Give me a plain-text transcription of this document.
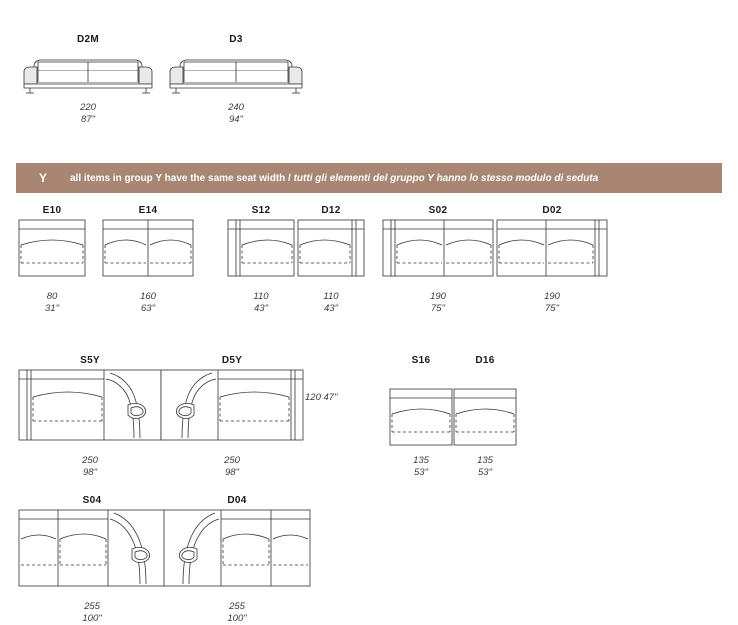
D2M
220
87"
D3
240
94"
Y	all items in group Y have the same seat width / tutti gli elementi del gruppo Y hanno lo stesso modulo di seduta
E10
80
31"
E14
160
63"
S12
110
43"
D12
110
43"
S02
190
75"
D02
190
75"
S5Y
250
98"
D5Y
250
98"
120 47"
S16
135
53"
D16
135
53"
S04
255
100"
D04
255
100"
